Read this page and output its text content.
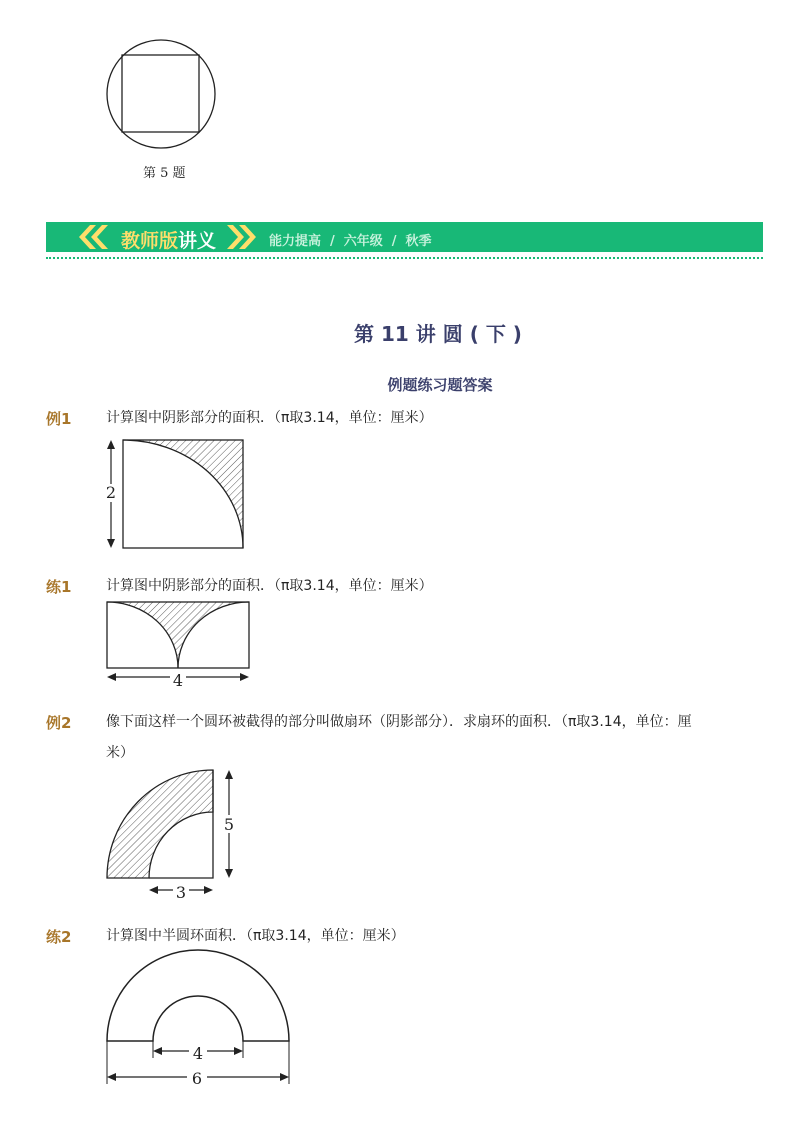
第 5 题
教师版讲义	能力提高 / 六年级 / 秋季
第 11 讲 圆 ( 下 )
例题练习题答案
例1 计算图中阴影部分的面积．（π取3.14，单位：厘米）
2
练1 计算图中阴影部分的面积．（π取3.14，单位：厘米）
4
例2 像下面这样一个圆环被截得的部分叫做扇环（阴影部分）．求扇环的面积．（π取3.14，单位：厘
米）
5
3
练2 计算图中半圆环面积．（π取3.14，单位：厘米）
4
6
